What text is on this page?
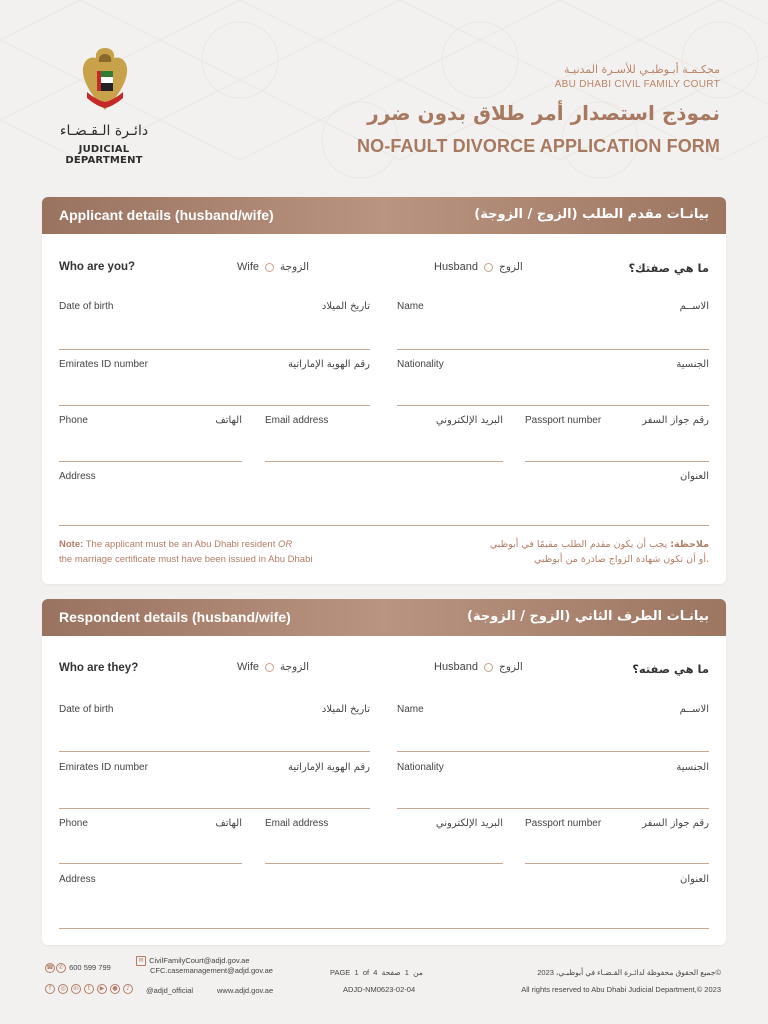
دائـرة الـقـضـاء
JUDICIAL DEPARTMENT
محكـمـة أبـوظبـي للأسـرة المدنيـة
ABU DHABI CIVIL FAMILY COURT
نموذج استصدار أمر طلاق بدون ضرر
NO-FAULT DIVORCE APPLICATION FORM
Applicant details (husband/wife)	بيانـات مقدم الطلب (الزوج / الزوجة)
Who are you?	Wife الزوجة	Husband الزوج	ما هي صفتك؟
Date of birth	تاريخ الميلاد	Name	الاســم
Emirates ID number	رقم الهوية الإماراتية	Nationality	الجنسية
Phone	الهاتف Email address	البريد الإلكتروني Passport number	رقم جواز السفر
Address	العنوان
Note: The applicant must be an Abu Dhabi resident OR
the marriage certificate must have been issued in Abu Dhabi
ملاحظة: يجب أن يكون مقدم الطلب مقيمًا في أبوظبي
أو أن تكون شهادة الزواج صادرة من أبوظبي.
Respondent details (husband/wife)	بيانـات الطرف الثاني (الزوج / الزوجة)
Who are they?	Wife الزوجة	Husband الزوج	ما هي صفته؟
Date of birth	تاريخ الميلاد	Name	الاســم
Emirates ID number	رقم الهوية الإماراتية	Nationality	الجنسية
Phone	الهاتف Email address	البريد الإلكتروني Passport number	رقم جواز السفر
Address	العنوان
☎ ✆ 600 599 799
✉ CivilFamilyCourt@adjd.gov.ae
CFC.casemanagement@adjd.gov.ae
f	◎	in	t	▶	●	♪	@adjd_official	www.adjd.gov.ae
PAGE 1 of 4	من  1  صفحة
ADJD-NM0623-02-04
جميع الحقوق محفوظة لدائـرة القـضـاء في أبوظبـي، 2023©
All rights reserved to Abu Dhabi Judicial Department,© 2023
